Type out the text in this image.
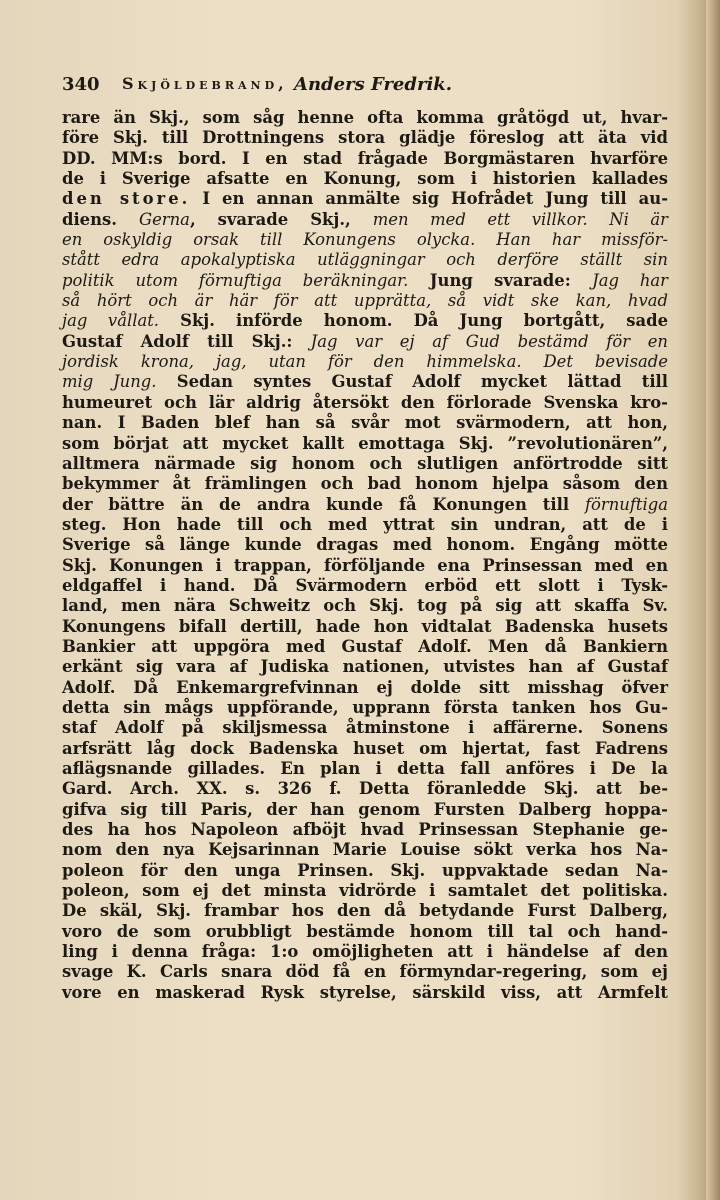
340 Skjöldebrand, Anders Fredrik.
rare än Skj., som såg henne ofta komma gråtögd ut, hvar-
före Skj. till Drottningens stora glädje föreslog att äta vid
DD. MM:s bord. I en stad frågade Borgmästaren hvarföre
de i Sverige afsatte en Konung, som i historien kallades
den store. I en annan anmälte sig Hofrådet Jung till au-
diens. Gerna, svarade Skj., men med ett villkor. Ni är
en oskyldig orsak till Konungens olycka. Han har missför-
stått edra apokalyptiska utläggningar och derföre ställt sin
politik utom förnuftiga beräkningar. Jung svarade: Jag har
så hört och är här för att upprätta, så vidt ske kan, hvad
jag vållat. Skj. införde honom. Då Jung bortgått, sade
Gustaf Adolf till Skj.: Jag var ej af Gud bestämd för en
jordisk krona, jag, utan för den himmelska. Det bevisade
mig Jung. Sedan syntes Gustaf Adolf mycket lättad till
humeuret och lär aldrig återsökt den förlorade Svenska kro-
nan. I Baden blef han så svår mot svärmodern, att hon,
som börjat att mycket kallt emottaga Skj. ”revolutionären”,
alltmera närmade sig honom och slutligen anförtrodde sitt
bekymmer åt främlingen och bad honom hjelpa såsom den
der bättre än de andra kunde få Konungen till förnuftiga
steg. Hon hade till och med yttrat sin undran, att de i
Sverige så länge kunde dragas med honom. Engång mötte
Skj. Konungen i trappan, förföljande ena Prinsessan med en
eldgaffel i hand. Då Svärmodern erböd ett slott i Tysk-
land, men nära Schweitz och Skj. tog på sig att skaffa Sv.
Konungens bifall dertill, hade hon vidtalat Badenska husets
Bankier att uppgöra med Gustaf Adolf. Men då Bankiern
erkänt sig vara af Judiska nationen, utvistes han af Gustaf
Adolf. Då Enkemargrefvinnan ej dolde sitt misshag öfver
detta sin mågs uppförande, upprann första tanken hos Gu-
staf Adolf på skiljsmessa åtminstone i affärerne. Sonens
arfsrätt låg dock Badenska huset om hjertat, fast Fadrens
aflägsnande gillades. En plan i detta fall anföres i De la
Gard. Arch. XX. s. 326 f. Detta föranledde Skj. att be-
gifva sig till Paris, der han genom Fursten Dalberg hoppa-
des ha hos Napoleon afböjt hvad Prinsessan Stephanie ge-
nom den nya Kejsarinnan Marie Louise sökt verka hos Na-
poleon för den unga Prinsen. Skj. uppvaktade sedan Na-
poleon, som ej det minsta vidrörde i samtalet det politiska.
De skäl, Skj. frambar hos den då betydande Furst Dalberg,
voro de som orubbligt bestämde honom till tal och hand-
ling i denna fråga: 1:o omöjligheten att i händelse af den
svage K. Carls snara död få en förmyndar-regering, som ej
vore en maskerad Rysk styrelse, särskild viss, att Armfelt
